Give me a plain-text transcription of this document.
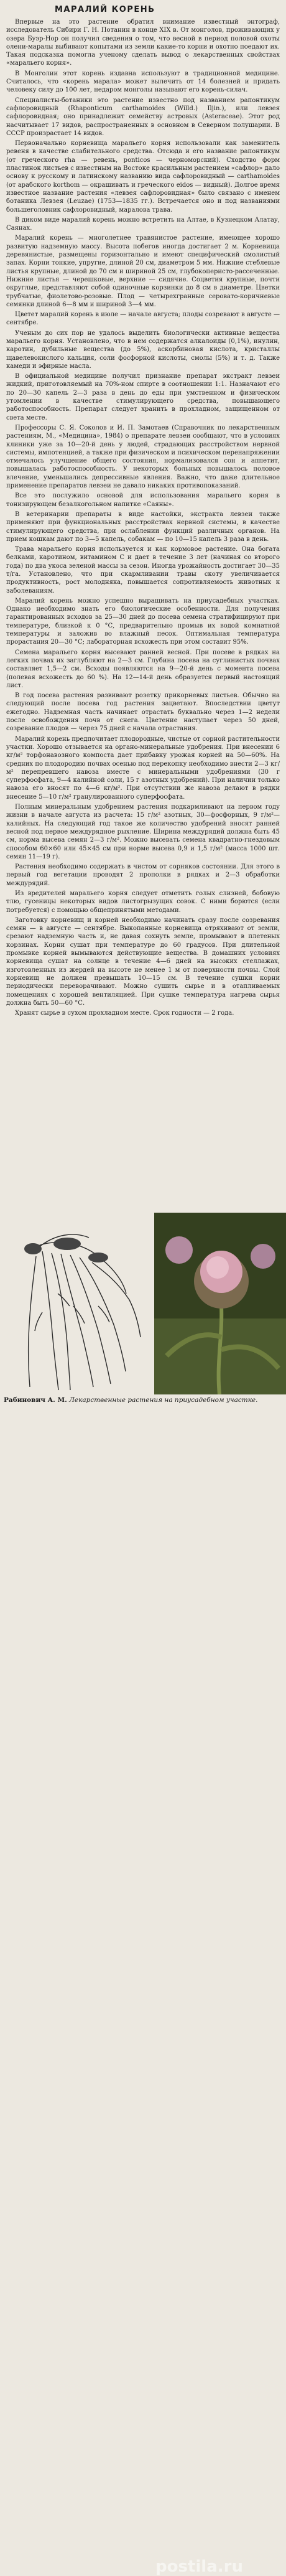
МАРАЛИЙ КОРЕНЬ

Впервые на это растение обратил внимание известный энтограф, исследователь Сибири Г. Н. Потанин в конце XIX в. От монголов, проживающих у озера Буэр-Нор он получил сведения о том, что весной в период половой охоты олени-маралы выбивают копытами из земли какие-то корни и охотно поедают их. Такая подсказка помогла ученому сделать вывод о лекарственных свойствах «маральего корня».

В Монголии этот корень издавна используют в традиционной медицине. Считалось, что «корень марала» может вылечить от 14 болезней и придать человеку силу до 100 лет, недаром монголы называют его корень-силач.

Специалисты-ботаники это растение известно под названием рапонтикум сафлоровидный (Rhaponticum carthamoides (Willd.) Iljin.), или левзея сафлоровидная; оно принадлежит семейству астровых (Asteraceae). Этот род насчитывает 17 видов, распространенных в основном в Северном полушарии. В СССР произрастает 14 видов.

Первоначально корневища маральего корня использовали как заменитель ревеня в качестве слабительного средства. Отсюда и его название рапонтикум (от греческого rha — ревень, ponticos — черноморский). Сходство форм пластинок листьев с известным на Востоке красильным растением «сафлор» дало основу к русскому и латинскому названию вида сафлоровидный — carthamoides (от арабского korthom — окрашивать и греческого eidos — видный). Долгое время известное название растения «левзея сафлоровидная» было связано с именем ботаника Левзея (Leuzae) (1753—1835 гг.). Встречается оно и под названиями большеголовник сафлоровидный, маралова трава.

В диком виде маралий корень можно встретить на Алтае, в Кузнецком Алатау, Саянах.

Маралий корень — многолетнее травянистое растение, имеющее хорошо развитую надземную массу. Высота побегов иногда достигает 2 м. Корневища деревянистые, размещены горизонтально и имеют специфический смолистый запах. Корни тонкие, упругие, длиной 20 см, диаметром 5 мм. Нижние стеблевые листья крупные, длиной до 70 см и шириной 25 см, глубокоперисто-рассеченные. Нижние листья — черешковые, верхние — сидячие. Соцветия крупные, почти округлые, представляют собой одиночные корзинки до 8 см в диаметре. Цветки трубчатые, фиолетово-розовые. Плод — четырехгранные серовато-коричневые семянки длиной 6—8 мм и шириной 3—4 мм.

Цветет маралий корень в июле — начале августа; плоды созревают в августе — сентябре.

Ученым до сих пор не удалось выделить биологически активные вещества маральего корня. Установлено, что в нем содержатся алкалоиды (0,1%), инулин, каротин, дубильные вещества (до 5%), аскорбиновая кислота, кристаллы щавелевокислого кальция, соли фосфорной кислоты, смолы (5%) и т. д. Также камеди и эфирные масла.

В официальной медицине получил признание препарат экстракт левзеи жидкий, приготовляемый на 70%-ном спирте в соотношении 1:1. Назначают его по 20—30 капель 2—3 раза в день до еды при умственном и физическом утомлении в качестве стимулирующего средства, повышающего работоспособность. Препарат следует хранить в прохладном, защищенном от света месте.

Профессоры С. Я. Соколов и И. П. Замотаев (Справочник по лекарственным растениям, М., «Медицина», 1984) о препарате левзеи сообщают, что в условиях клиники уже за 10—20-й день у людей, страдающих расстройством нервной системы, импотенцией, а также при физическом и психическом перенапряжении отмечалось улучшение общего состояния, нормализовался сон и аппетит, повышалась работоспособность. У некоторых больных повышалось половое влечение, уменьшались депрессивные явления. Важно, что даже длительное применение препаратов левзеи не давало никаких противопоказаний.

Все это послужило основой для использования маральего корня в тонизирующем безалкогольном напитке «Саяны».

В ветеринарии препараты в виде настойки, экстракта левзеи также применяют при функциональных расстройствах нервной системы, в качестве стимулирующего средства, при ослаблении функций различных органов. На прием кошкам дают по 3—5 капель, собакам — по 10—15 капель 3 раза в день.

Трава маральего корня используется и как кормовое растение. Она богата белками, каротином, витамином С и дает в течение 3 лет (начиная со второго года) по два укоса зеленой массы за сезон. Иногда урожайность достигает 30—35 т/га. Установлено, что при скармливании травы скоту увеличивается продуктивность, рост молодняка, повышается сопротивляемость животных к заболеваниям.

Маралий корень можно успешно выращивать на приусадебных участках. Однако необходимо знать его биологические особенности. Для получения гарантированных всходов за 25—30 дней до посева семена стратифицируют при температуре, близкой к 0 °С, предварительно промыв их водой комнатной температуры и заложив во влажный песок. Оптимальная температура прорастания 20—30 °С; лабораторная всхожесть при этом составит 95%.

Семена маральего корня высевают ранней весной. При посеве в рядках на легких почвах их заглубляют на 2—3 см. Глубина посева на суглинистых почвах составляет 1,5—2 см. Всходы появляются на 9—20-й день с момента посева (полевая всхожесть до 60 %). На 12—14-й день образуется первый настоящий лист.

В год посева растения развивают розетку прикорневых листьев. Обычно на следующий после посева год растения зацветают. Впоследствии цветут ежегодно. Надземная часть начинает отрастать буквально через 1—2 недели после освобождения почв от снега. Цветение наступает через 50 дней, созревание плодов — через 75 дней с начала отрастания.

Маралий корень предпочитает плодородные, чистые от сорной растительности участки. Хорошо отзывается на органо-минеральные удобрения. При внесении 6 кг/м² торфонавозного компоста дает прибавку урожая корней на 50—60%. На средних по плодородию почвах осенью под перекопку необходимо внести 2—3 кг/м² перепревшего навоза вместе с минеральными удобрениями (30 г суперфосфата, 9—4 калийной соли, 15 г азотных удобрений). При наличии только навоза его вносят по 4—6 кг/м². При отсутствии же навоза делают в рядки внесение 5—10 г/м² гранулированного суперфосфата.

Полным минеральным удобрением растения подкармливают на первом году жизни в начале августа из расчета: 15 г/м² азотных, 30—фосфорных, 9 г/м²—калийных. На следующий год такое же количество удобрений вносят ранней весной под первое междурядное рыхление. Ширина междурядий должна быть 45 см, норма высева семян 2—3 г/м². Можно высевать семена квадратно-гнездовым способом 60×60 или 45×45 см при норме высева 0,9 и 1,5 г/м² (масса 1000 шт. семян 11—19 г).

Растения необходимо содержать в чистом от сорняков состоянии. Для этого в первый год вегетации проводят 2 прополки в рядках и 2—3 обработки междурядий.

Из вредителей маральего корня следует отметить голых слизней, бобовую тлю, гусеницы некоторых видов листогрызущих совок. С ними борются (если потребуется) с помощью общепринятыми методами.

Заготовку корневищ и корней необходимо начинать сразу после созревания семян — в августе — сентябре. Выкопанные корневища отряхивают от земли, срезают надземную часть и, не давая сохнуть земле, промывают в плетеных корзинах. Корни сушат при температуре до 60 градусов. При длительной промывке корней вымываются действующие вещества. В домашних условиях корневища сушат на солнце в течение 4—6 дней на высоких стеллажах, изготовленных из жердей на высоте не менее 1 м от поверхности почвы. Слой корневищ не должен превышать 10—15 см. В течение сушки корни периодически переворачивают. Можно сушить сырье и в отапливаемых помещениях с хорошей вентиляцией. При сушке температура нагрева сырья должна быть 50—60 °С.

Хранят сырье в сухом прохладном месте. Срок годности — 2 года.

postila.ru
Рабинович А. М. Лекарственные растения на приусадебном участке.
